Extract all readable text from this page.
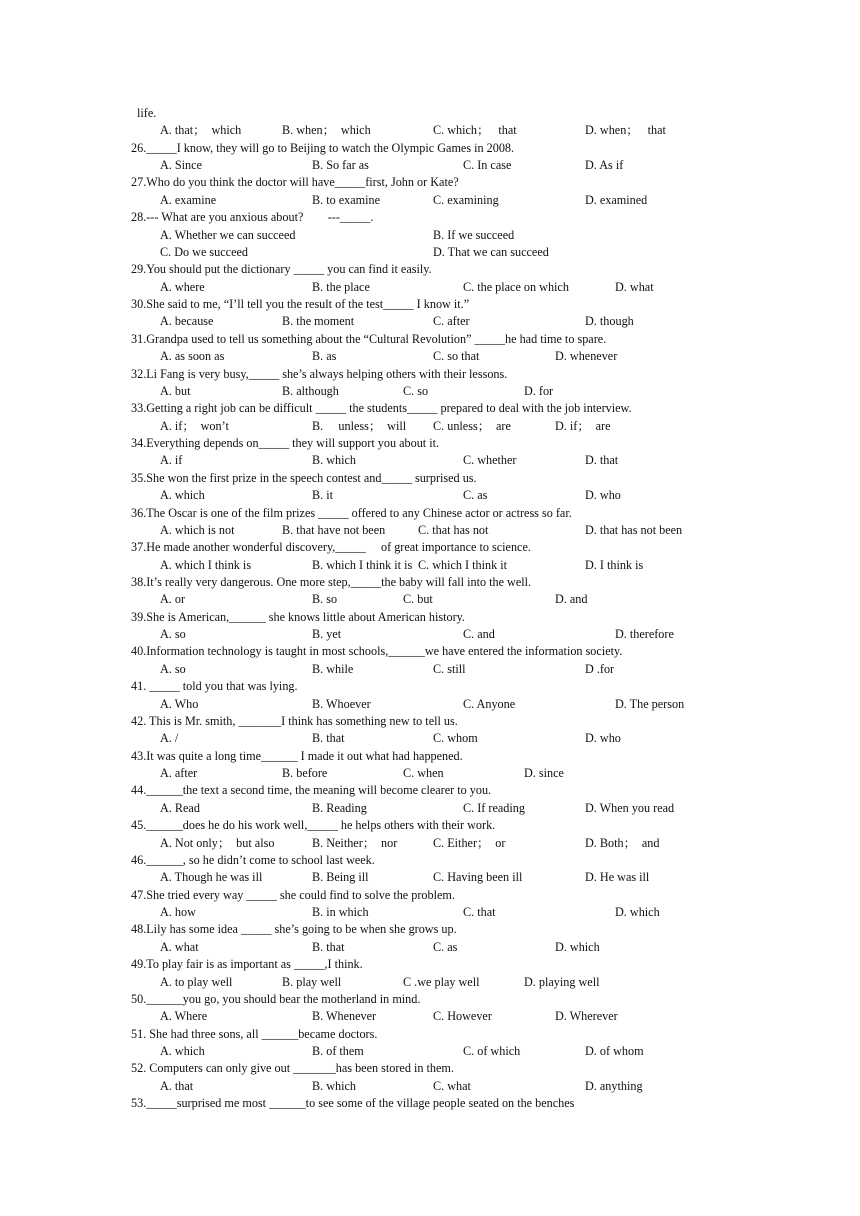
life.
A. that；  which	B. when；  which	C. which；   that	D. when；   that
26._____I know, they will go to Beijing to watch the Olympic Games in 2008.
A. Since	B. So far as	C. In case	D. As if
27.Who do you think the doctor will have_____first, John or Kate?
A. examine	B. to examine	C. examining	D. examined
28.--- What are you anxious about?        ---_____.
A. Whether we can succeed	B. If we succeed
C. Do we succeed	D. That we can succeed
29.You should put the dictionary _____ you can find it easily.
A. where	B. the place	C. the place on which	D. what
30.She said to me, “I’ll tell you the result of the test_____ I know it.”
A. because	B. the moment	C. after	D. though
31.Grandpa used to tell us something about the “Cultural Revolution” _____he had time to spare.
A. as soon as	B. as	C. so that	D. whenever
32.Li Fang is very busy,_____ she’s always helping others with their lessons.
A. but	B. although	C. so	D. for
33.Getting a right job can be difficult _____ the students_____ prepared to deal with the job interview.
A. if；  won’t	B.     unless；  will C. unless；  are	D. if；  are
34.Everything depends on_____ they will support you about it.
A. if	B. which	C. whether	D. that
35.She won the first prize in the speech contest and_____ surprised us.
A. which	B. it	C. as	D. who
36.The Oscar is one of the film prizes _____ offered to any Chinese actor or actress so far.
A. which is not	B. that have not been	C. that has not	D. that has not been
37.He made another wonderful discovery,_____     of great importance to science.
A. which I think is	B. which I think it is C. which I think it	D. I think is
38.It’s really very dangerous. One more step,_____the baby will fall into the well.
A. or	B. so	C. but	D. and
39.She is American,______ she knows little about American history.
A. so	B. yet	C. and	D. therefore
40.Information technology is taught in most schools,______we have entered the information society.
A. so	B. while	C. still	D .for
41. _____ told you that was lying.
A. Who	B. Whoever	C. Anyone	D. The person
42. This is Mr. smith, _______I think has something new to tell us.
A. /	B. that	C. whom	D. who
43.It was quite a long time______ I made it out what had happened.
A. after	B. before	C. when	D. since
44.______the text a second time, the meaning will become clearer to you.
A. Read	B. Reading	C. If reading	D. When you read
45.______does he do his work well,_____ he helps others with their work.
A. Not only；  but also	B. Neither；  nor	C. Either；  or	D. Both；  and
46.______, so he didn’t come to school last week.
A. Though he was ill	B. Being ill	C. Having been ill	D. He was ill
47.She tried every way _____ she could find to solve the problem.
A. how	B. in which	C. that	D. which
48.Lily has some idea _____ she’s going to be when she grows up.
A. what	B. that	C. as	D. which
49.To play fair is as important as _____,I think.
A. to play well	B. play well	C .we play well	D. playing well
50.______you go, you should bear the motherland in mind.
A. Where	B. Whenever	C. However	D. Wherever
51. She had three sons, all ______became doctors.
A. which	B. of them	C. of which	D. of whom
52. Computers can only give out _______has been stored in them.
A. that	B. which	C. what	D. anything
53._____surprised me most ______to see some of the village people seated on the benches
